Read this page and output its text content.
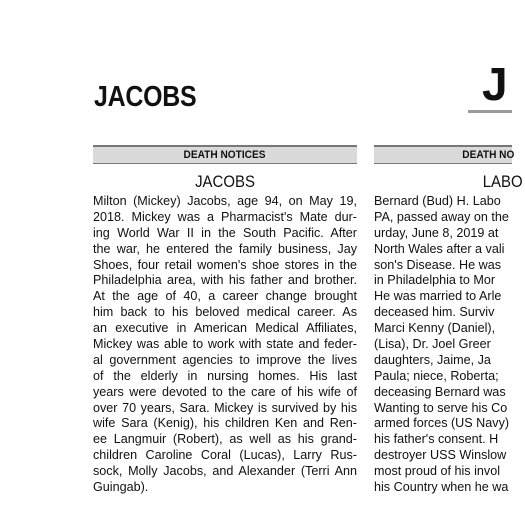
JACOBS	J
DEATH NOTICES
JACOBS
Milton (Mickey) Jacobs, age 94, on May 19,
2018. Mickey was a Pharmacist's Mate dur-
ing World War II in the South Pacific. After
the war, he entered the family business, Jay
Shoes, four retail women's shoe stores in the
Philadelphia area, with his father and brother.
At the age of 40, a career change brought
him back to his beloved medical career. As
an executive in American Medical Affiliates,
Mickey was able to work with state and feder-
al government agencies to improve the lives
of the elderly in nursing homes. His last
years were devoted to the care of his wife of
over 70 years, Sara. Mickey is survived by his
wife Sara (Kenig), his children Ken and Ren-
ee Langmuir (Robert), as well as his grand-
children Caroline Coral (Lucas), Larry Rus-
sock, Molly Jacobs, and Alexander (Terri Ann
Guingab).
DEATH NO
LABO
Bernard (Bud) H. Labo
PA, passed away on the
urday, June 8, 2019 at
North Wales after a vali
son's Disease. He was
in Philadelphia to Mor
He was married to Arle
deceased him. Surviv
Marci Kenny (Daniel),
(Lisa), Dr. Joel Greer
daughters, Jaime, Ja
Paula; niece, Roberta;
deceasing Bernard was
Wanting to serve his Co
armed forces (US Navy)
his father's consent. H
destroyer USS Winslow
most proud of his invol
his Country when he wa
